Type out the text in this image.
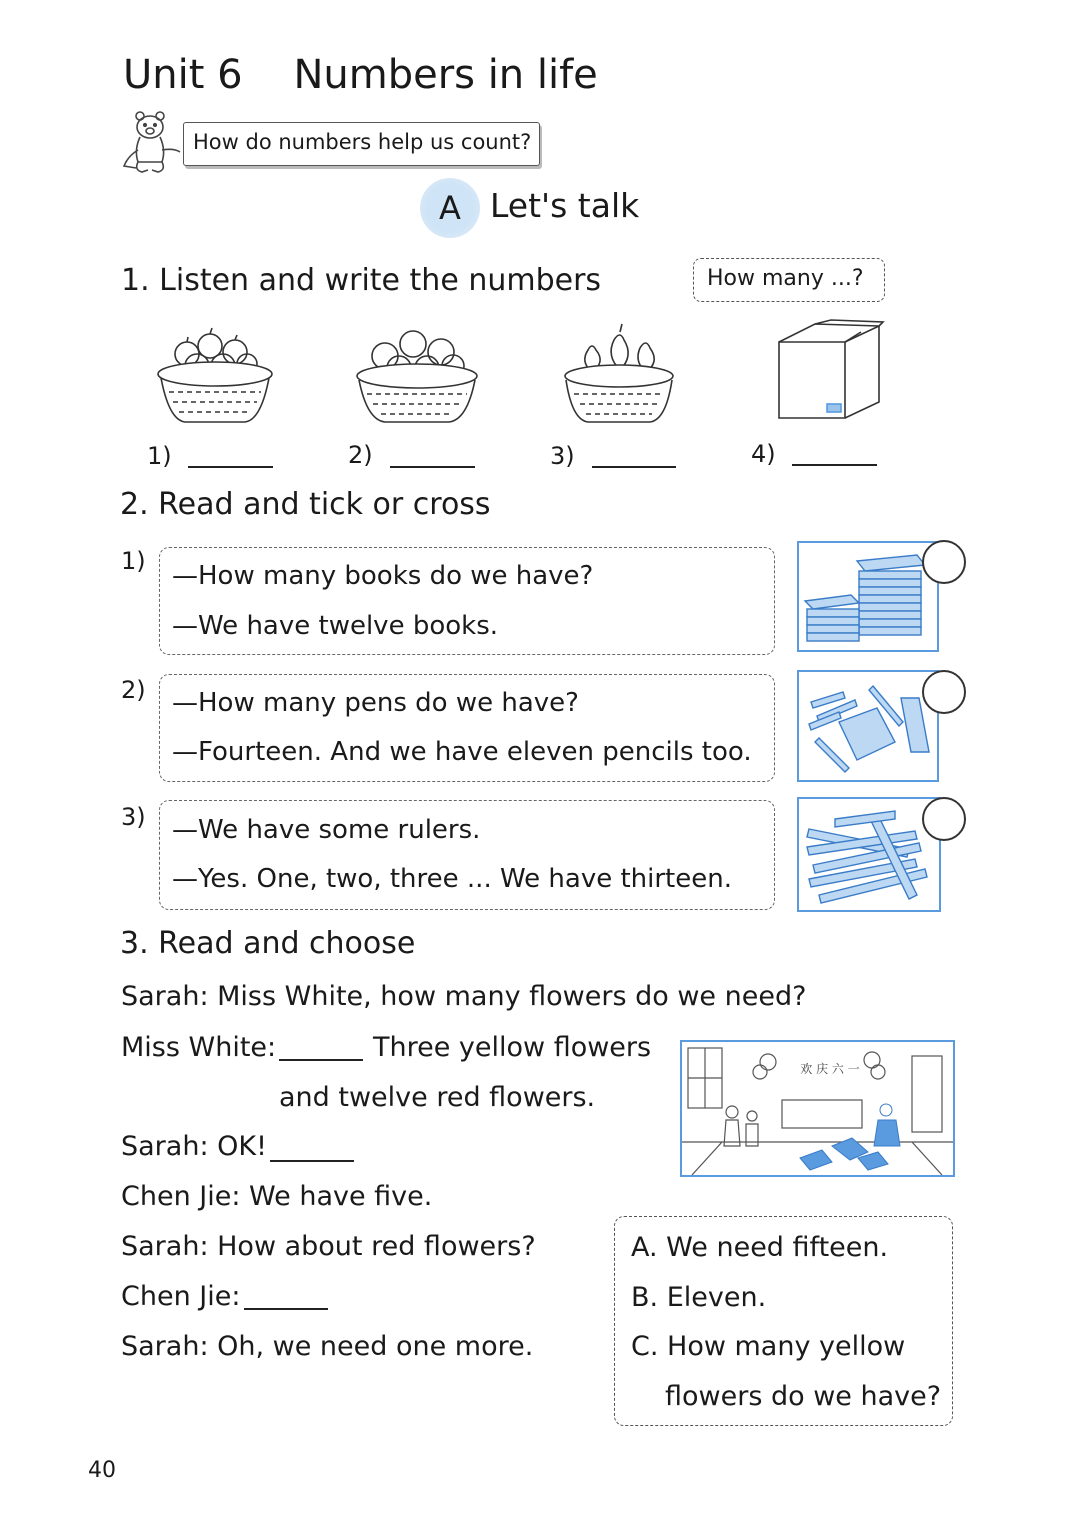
Unit 6    Numbers in life
How do numbers help us count?
A Let's talk
1. Listen and write the numbers	How many ...?
1)	2)	3)	4)
2. Read and tick or cross
1) —How many books do we have?
—We have twelve books.
2) —How many pens do we have?
—Fourteen. And we have eleven pencils too.
3) —We have some rulers.
—Yes. One, two, three ... We have thirteen.
3. Read and choose
Sarah: Miss White, how many flowers do we need?
Miss White:	Three yellow flowers
and twelve red flowers.
Sarah: OK!
Chen Jie: We have five.
Sarah: How about red flowers?
Chen Jie:
Sarah: Oh, we need one more.
欢 庆 六 一
A. We need fifteen.
B. Eleven.
C. How many yellow
flowers do we have?
40
